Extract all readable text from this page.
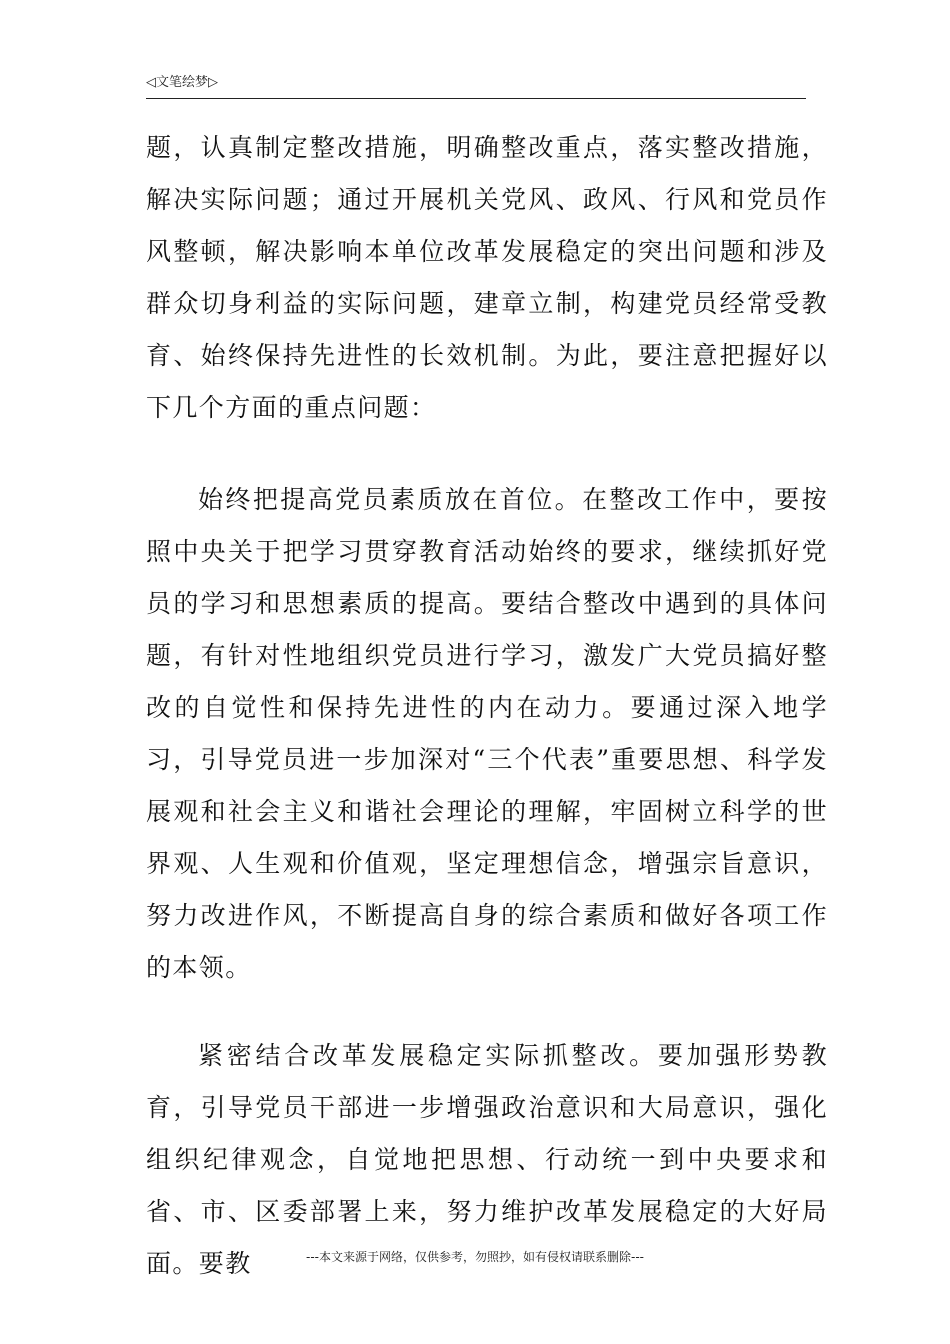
◁文笔绘梦▷

题，认真制定整改措施，明确整改重点，落实整改措施，解决实际问题；通过开展机关党风、政风、行风和党员作风整顿，解决影响本单位改革发展稳定的突出问题和涉及群众切身利益的实际问题，建章立制，构建党员经常受教育、始终保持先进性的长效机制。为此，要注意把握好以下几个方面的重点问题：

始终把提高党员素质放在首位。在整改工作中，要按照中央关于把学习贯穿教育活动始终的要求，继续抓好党员的学习和思想素质的提高。要结合整改中遇到的具体问题，有针对性地组织党员进行学习，激发广大党员搞好整改的自觉性和保持先进性的内在动力。要通过深入地学习，引导党员进一步加深对“三个代表”重要思想、科学发展观和社会主义和谐社会理论的理解，牢固树立科学的世界观、人生观和价值观，坚定理想信念，增强宗旨意识，努力改进作风，不断提高自身的综合素质和做好各项工作的本领。

紧密结合改革发展稳定实际抓整改。要加强形势教育，引导党员干部进一步增强政治意识和大局意识，强化组织纪律观念，自觉地把思想、行动统一到中央要求和省、市、区委部署上来，努力维护改革发展稳定的大好局面。要教	---本文来源于网络，仅供参考，勿照抄，如有侵权请联系删除---
